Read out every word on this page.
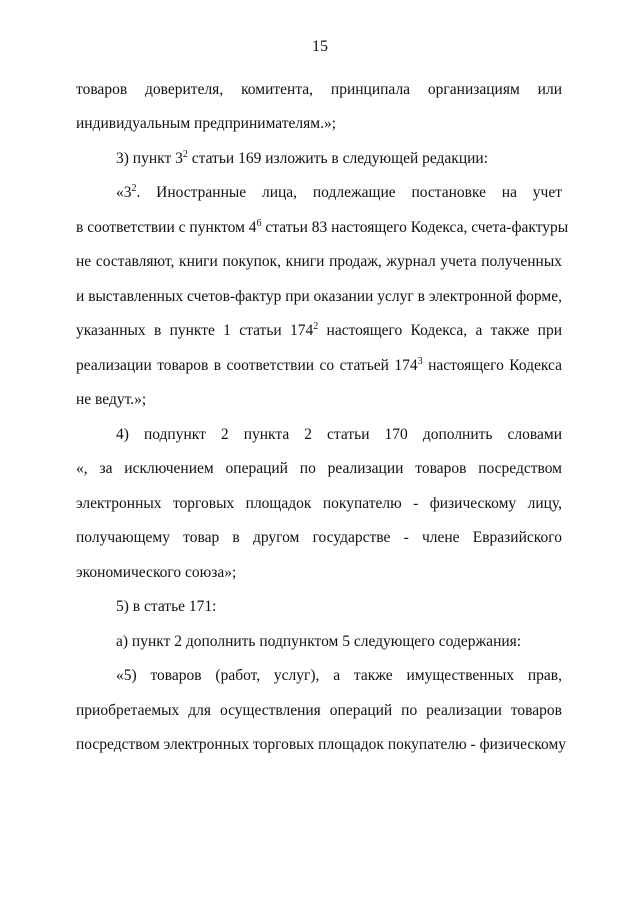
15
товаров доверителя, комитента, принципала организациям или
индивидуальным предпринимателям.»;
3) пункт $3^2$ статьи 169 изложить в следующей редакции:
«$3^2$. Иностранные лица, подлежащие постановке на учет
в соответствии с пунктом $4^6$ статьи 83 настоящего Кодекса, счета-фактуры
не составляют, книги покупок, книги продаж, журнал учета полученных
и выставленных счетов-фактур при оказании услуг в электронной форме,
указанных в пункте 1 статьи $174^2$ настоящего Кодекса, а также при
реализации товаров в соответствии со статьей $174^3$ настоящего Кодекса
не ведут.»;
4) подпункт 2 пункта 2 статьи 170 дополнить словами
«, за исключением операций по реализации товаров посредством
электронных торговых площадок покупателю - физическому лицу,
получающему товар в другом государстве - члене Евразийского
экономического союза»;
5) в статье 171:
а) пункт 2 дополнить подпунктом 5 следующего содержания:
«5) товаров (работ, услуг), а также имущественных прав,
приобретаемых для осуществления операций по реализации товаров
посредством электронных торговых площадок покупателю - физическому
